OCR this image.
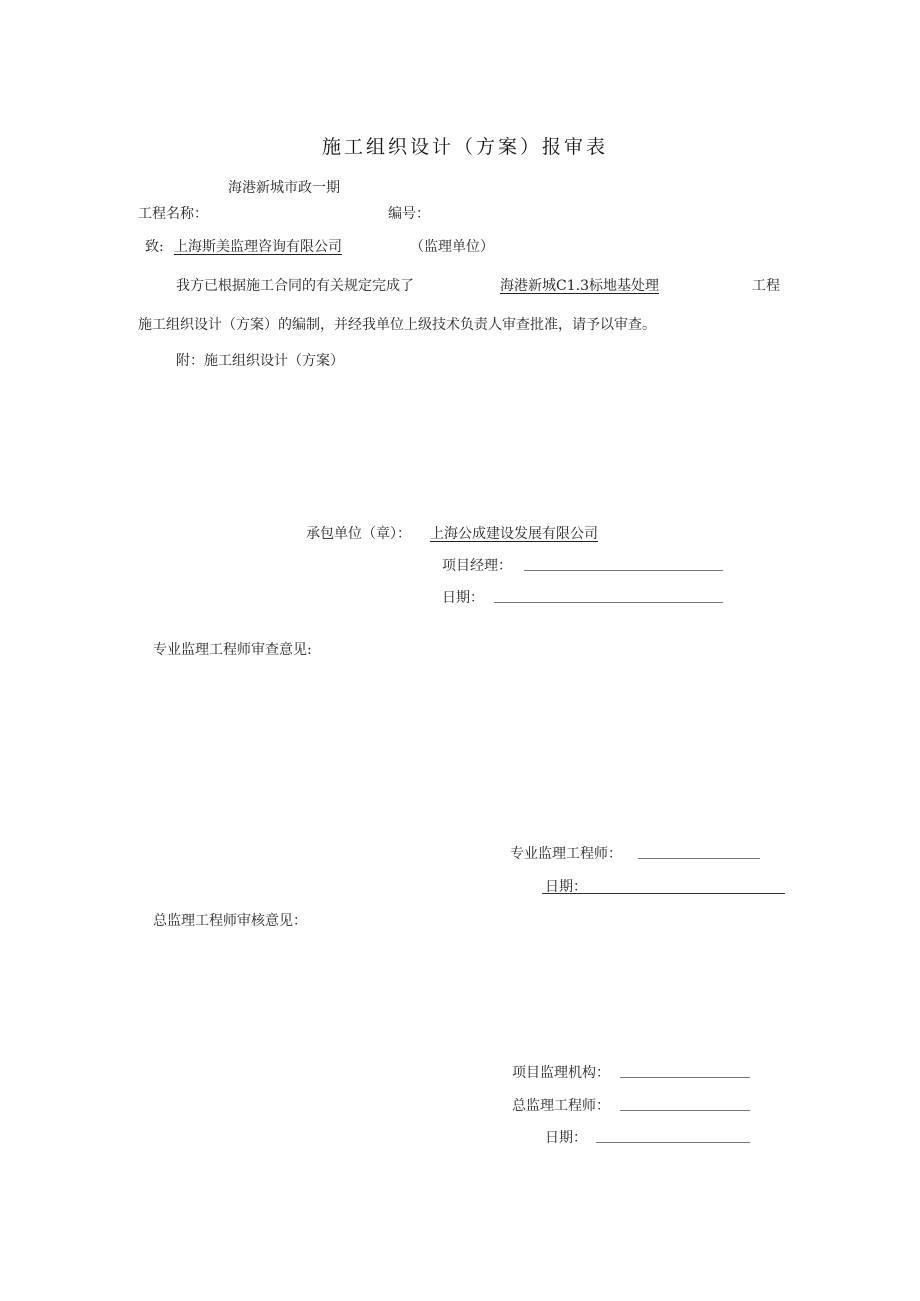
施工组织设计（方案）报审表
海港新城市政一期
工程名称：	编号：
致: 上海斯美监理咨询有限公司	（监理单位）
我方已根据施工合同的有关规定完成了	海港新城C1.3标地基处理	工程
施工组织设计（方案）的编制，并经我单位上级技术负责人审查批准，请予以审查。
附：施工组织设计（方案）
承包单位（章）： 上海公成建设发展有限公司
项目经理：
日期：
专业监理工程师审查意见:
专业监理工程师：
日期：
总监理工程师审核意见：
项目监理机构：
总监理工程师：
日期：
